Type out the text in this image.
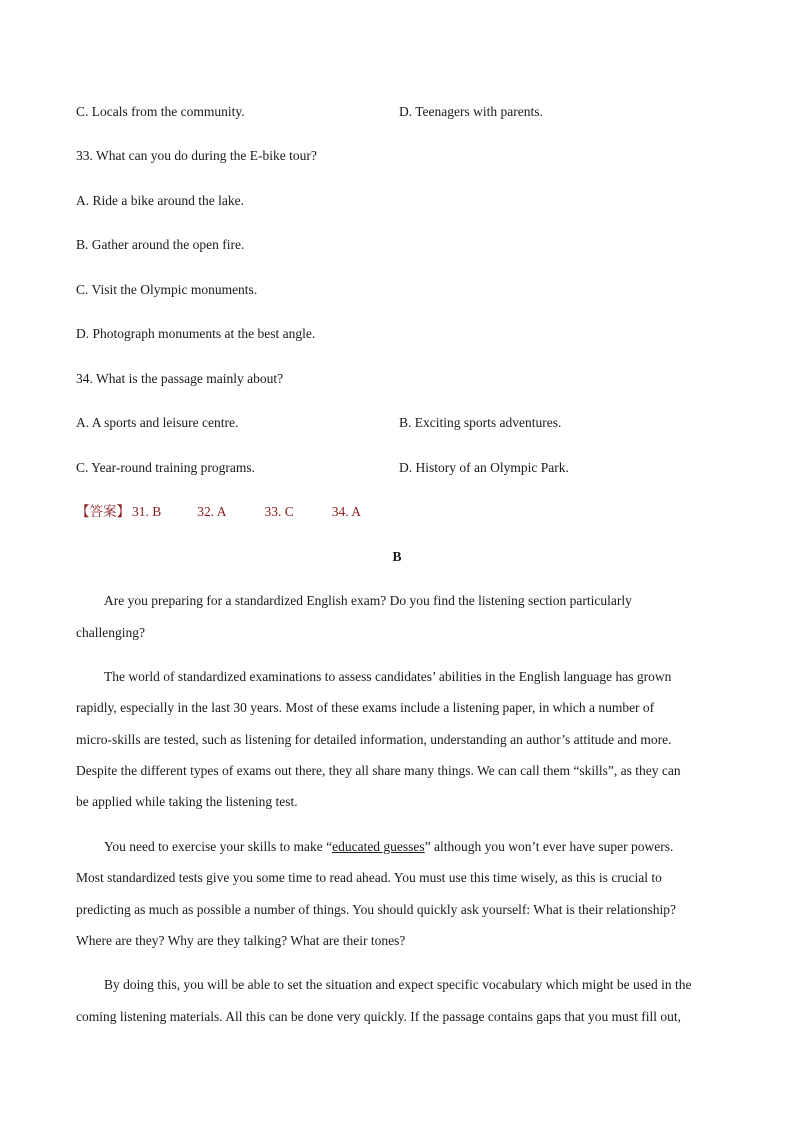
C. Locals from the community.	D. Teenagers with parents.
33. What can you do during the E-bike tour?
A. Ride a bike around the lake.
B. Gather around the open fire.
C. Visit the Olympic monuments.
D. Photograph monuments at the best angle.
34. What is the passage mainly about?
A. A sports and leisure centre.	B. Exciting sports adventures.
C. Year-round training programs.	D. History of an Olympic Park.
【答案】 31. B	32. A	33. C	34. A
B
Are you preparing for a standardized English exam? Do you find the listening section particularly
challenging?
The world of standardized examinations to assess candidates’ abilities in the English language has grown
rapidly, especially in the last 30 years. Most of these exams include a listening paper, in which a number of
micro-skills are tested, such as listening for detailed information, understanding an author’s attitude and more.
Despite the different types of exams out there, they all share many things. We can call them “skills”, as they can
be applied while taking the listening test.
You need to exercise your skills to make “educated guesses” although you won’t ever have super powers.
Most standardized tests give you some time to read ahead. You must use this time wisely, as this is crucial to
predicting as much as possible a number of things. You should quickly ask yourself: What is their relationship?
Where are they? Why are they talking? What are their tones?
By doing this, you will be able to set the situation and expect specific vocabulary which might be used in the
coming listening materials. All this can be done very quickly. If the passage contains gaps that you must fill out,
